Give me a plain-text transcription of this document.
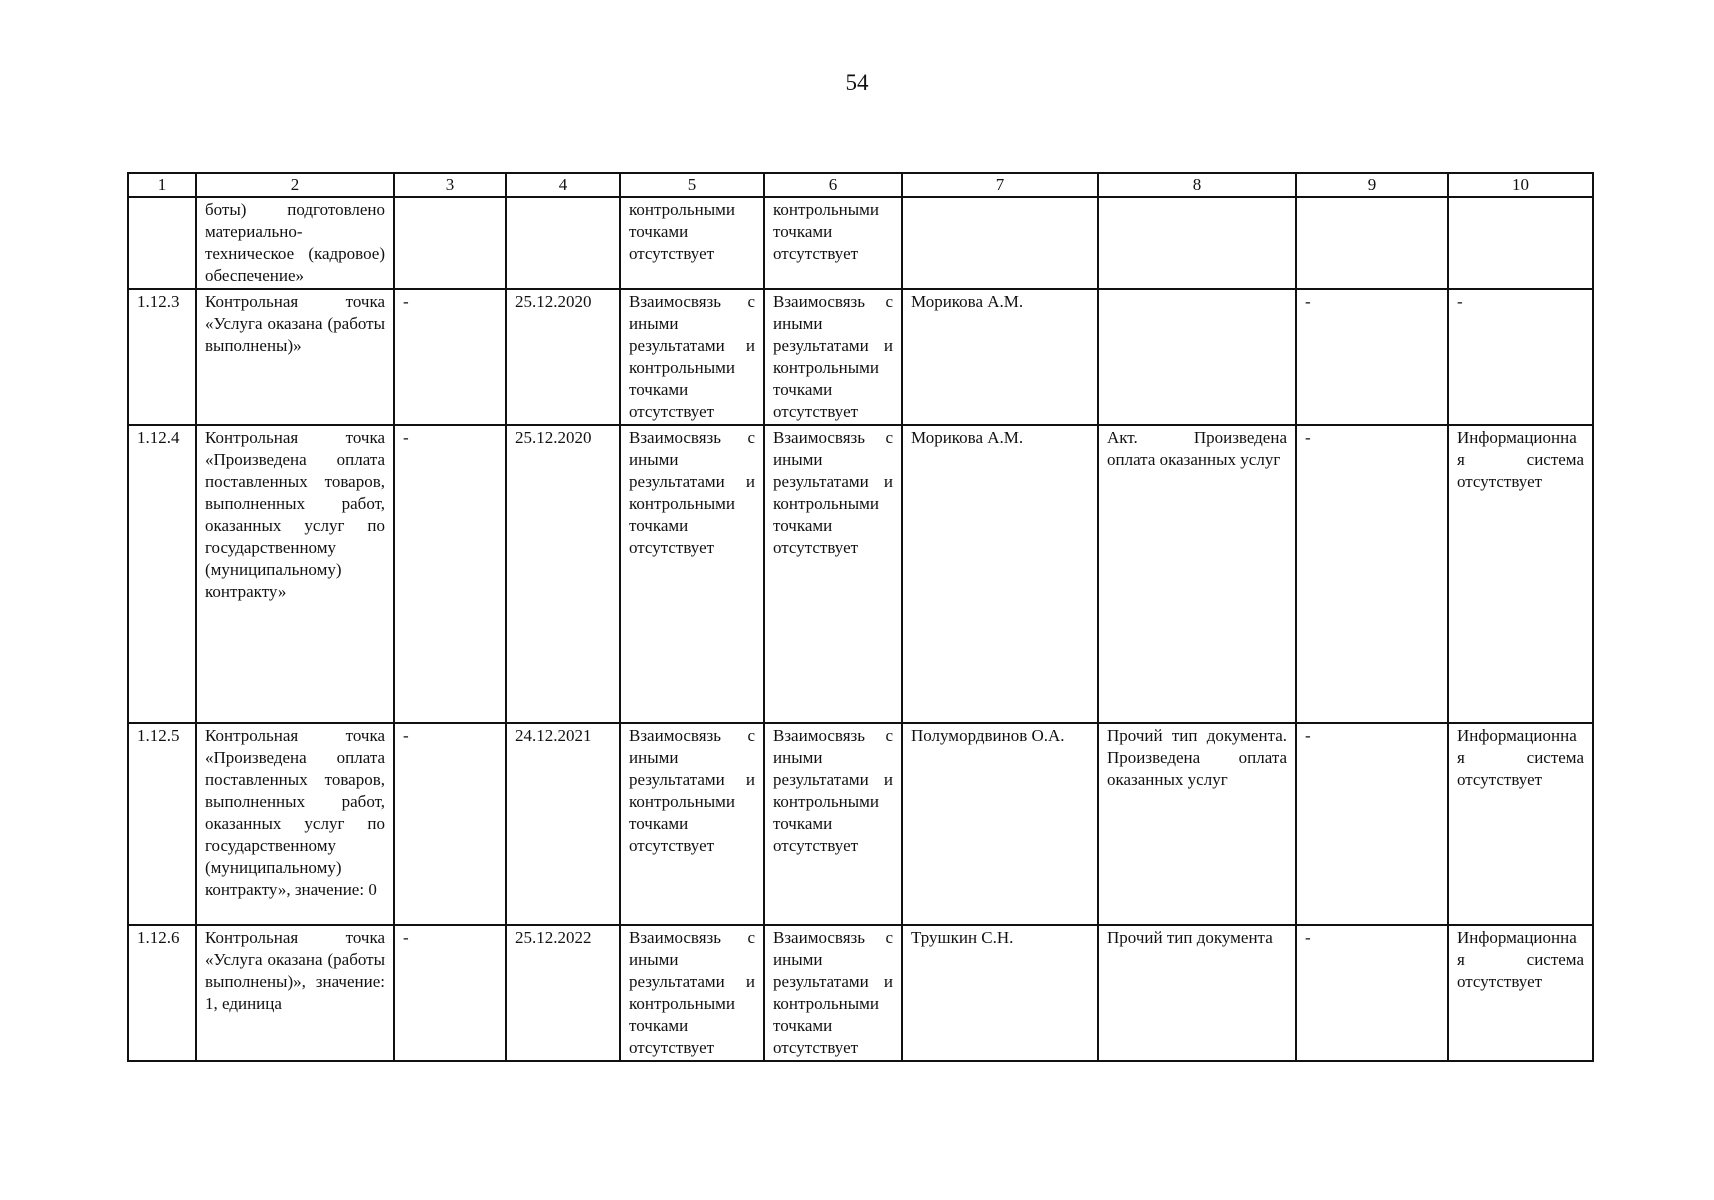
54
1	2	3	4	5	6	7	8	9	10
	боты) подготовлено материально-техническое (кадровое) обеспечение»			контрольными точками отсутствует	контрольными точками отсутствует				
1.12.3	Контрольная точка «Услуга оказана (работы выполнены)»	-	25.12.2020	Взаимосвязь с иными результатами и контрольными точками отсутствует	Взаимосвязь с иными результатами и контрольными точками отсутствует	Морикова А.М.		-	-
1.12.4	Контрольная точка «Произведена оплата поставленных товаров, выполненных работ, оказанных услуг по государственному (муниципальному) контракту»	-	25.12.2020	Взаимосвязь с иными результатами и контрольными точками отсутствует	Взаимосвязь с иными результатами и контрольными точками отсутствует	Морикова А.М.	Акт. Произведена оплата оказанных услуг	-	Информационная система отсутствует
1.12.5	Контрольная точка «Произведена оплата поставленных товаров, выполненных работ, оказанных услуг по государственному (муниципальному) контракту», значение: 0	-	24.12.2021	Взаимосвязь с иными результатами и контрольными точками отсутствует	Взаимосвязь с иными результатами и контрольными точками отсутствует	Полумордвинов О.А.	Прочий тип документа. Произведена оплата оказанных услуг	-	Информационная система отсутствует
1.12.6	Контрольная точка «Услуга оказана (работы выполнены)», значение: 1, единица	-	25.12.2022	Взаимосвязь с иными результатами и контрольными точками отсутствует	Взаимосвязь с иными результатами и контрольными точками отсутствует	Трушкин С.Н.	Прочий тип документа	-	Информационная система отсутствует
